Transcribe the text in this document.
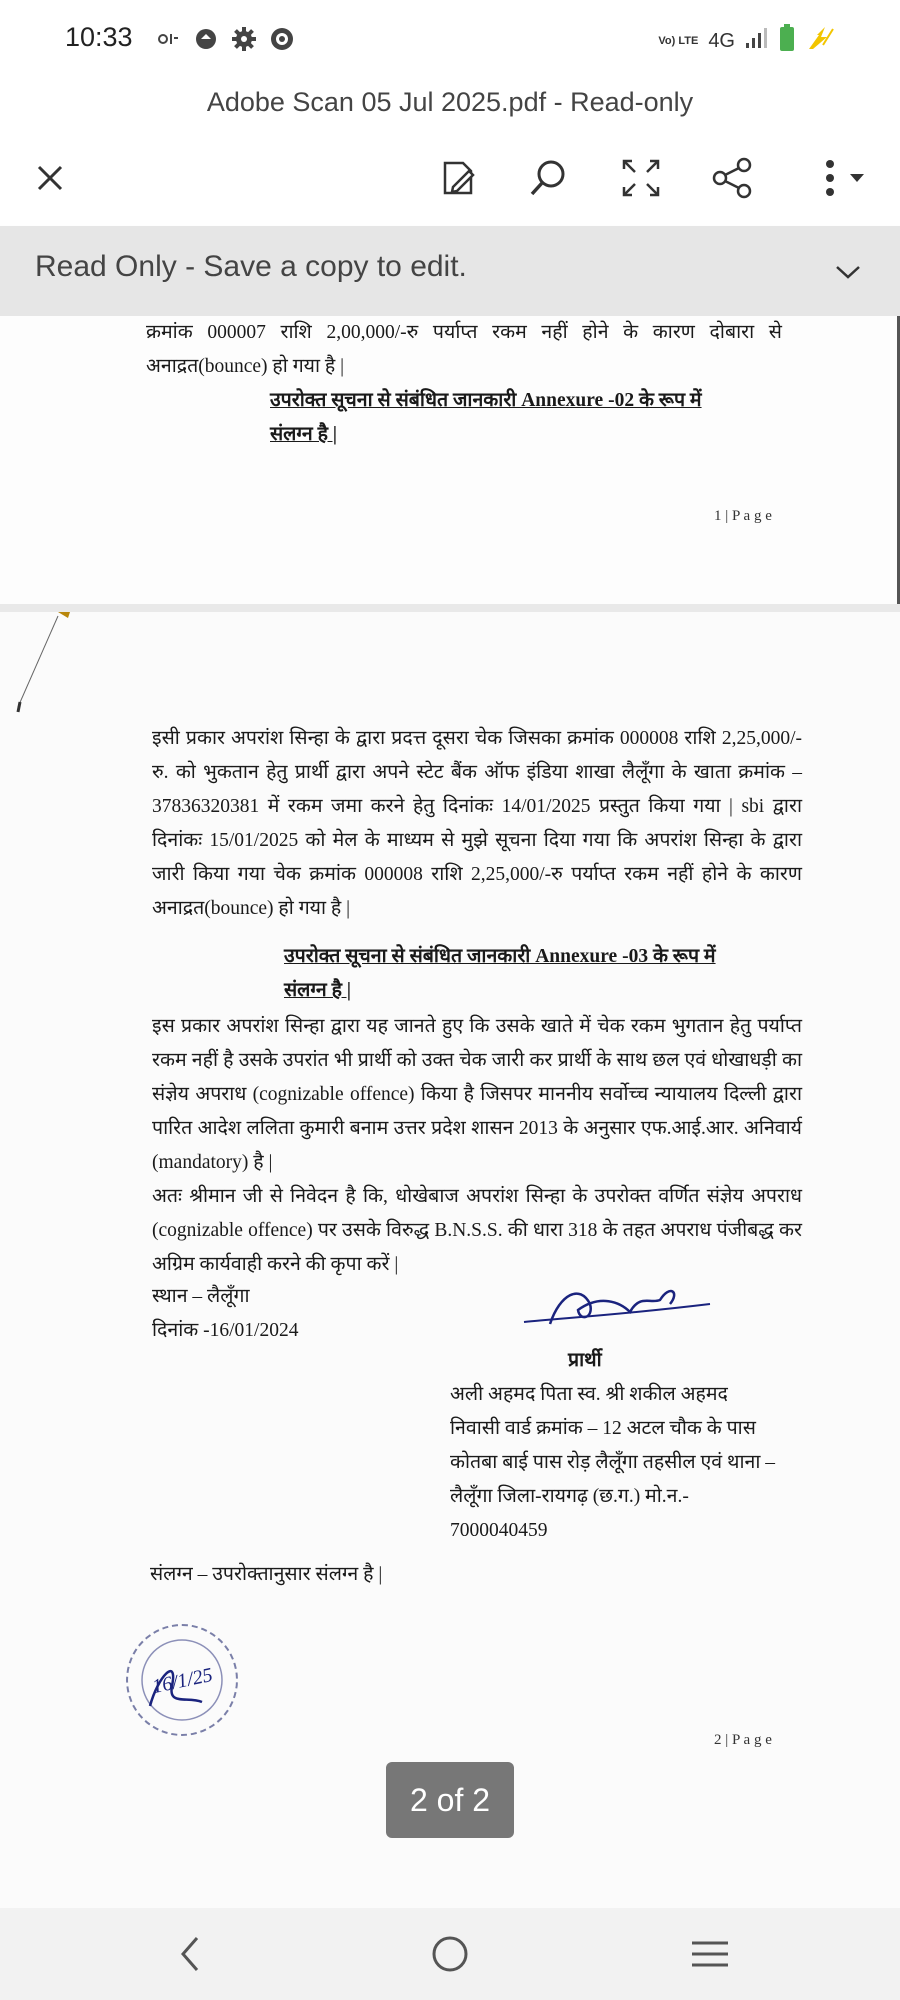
10:33	Vo) LTE 4G
Adobe Scan 05 Jul 2025.pdf - Read-only
Read Only - Save a copy to edit.

क्रमांक 000007 राशि 2,00,000/-रु पर्याप्त रकम नहीं होने के कारण दोबारा से अनाद्रत(bounce) हो गया है |

उपरोक्त सूचना से संबंधित जानकारी Annexure -02 के रूप में
संलग्न है |
1 | P a g e

इसी प्रकार अपरांश सिन्हा के द्वारा प्रदत्त दूसरा चेक जिसका क्रमांक 000008 राशि 2,25,000/- रु. को भुकतान हेतु प्रार्थी द्वारा अपने स्टेट बैंक ऑफ इंडिया शाखा लैलूँगा के खाता क्रमांक – 37836320381 में रकम जमा करने हेतु दिनांकः 14/01/2025 प्रस्तुत किया गया | sbi द्वारा दिनांकः 15/01/2025 को मेल के माध्यम से मुझे सूचना दिया गया कि अपरांश सिन्हा के द्वारा जारी किया गया चेक क्रमांक 000008 राशि 2,25,000/-रु पर्याप्त रकम नहीं होने के कारण अनाद्रत(bounce) हो गया है |

उपरोक्त सूचना से संबंधित जानकारी Annexure -03 के रूप में
संलग्न है |

इस प्रकार अपरांश सिन्हा द्वारा यह जानते हुए कि उसके खाते में चेक रकम भुगतान हेतु पर्याप्त रकम नहीं है उसके उपरांत भी प्रार्थी को उक्त चेक जारी कर प्रार्थी के साथ छल एवं धोखाधड़ी का संज्ञेय अपराध (cognizable offence) किया है जिसपर माननीय सर्वोच्च न्यायालय दिल्ली द्वारा पारित आदेश ललिता कुमारी बनाम उत्तर प्रदेश शासन 2013 के अनुसार एफ.आई.आर. अनिवार्य (mandatory) है |

अतः श्रीमान जी से निवेदन है कि, धोखेबाज अपरांश सिन्हा के उपरोक्त वर्णित संज्ञेय अपराध (cognizable offence) पर उसके विरुद्ध B.N.S.S. की धारा 318 के तहत अपराध पंजीबद्ध कर अग्रिम कार्यवाही करने की कृपा करें |

स्थान – लैलूँगा
दिनांक -16/01/2024
प्रार्थी
अली अहमद पिता स्व. श्री शकील अहमद
निवासी वार्ड क्रमांक – 12 अटल चौक के पास
कोतबा बाई पास रोड़ लैलूँगा तहसील एवं थाना –
लैलूँगा जिला-रायगढ़ (छ.ग.) मो.न.-
7000040459
संलग्न – उपरोक्तानुसार संलग्न है |
16/1/25
2 | P a g e
2 of 2
